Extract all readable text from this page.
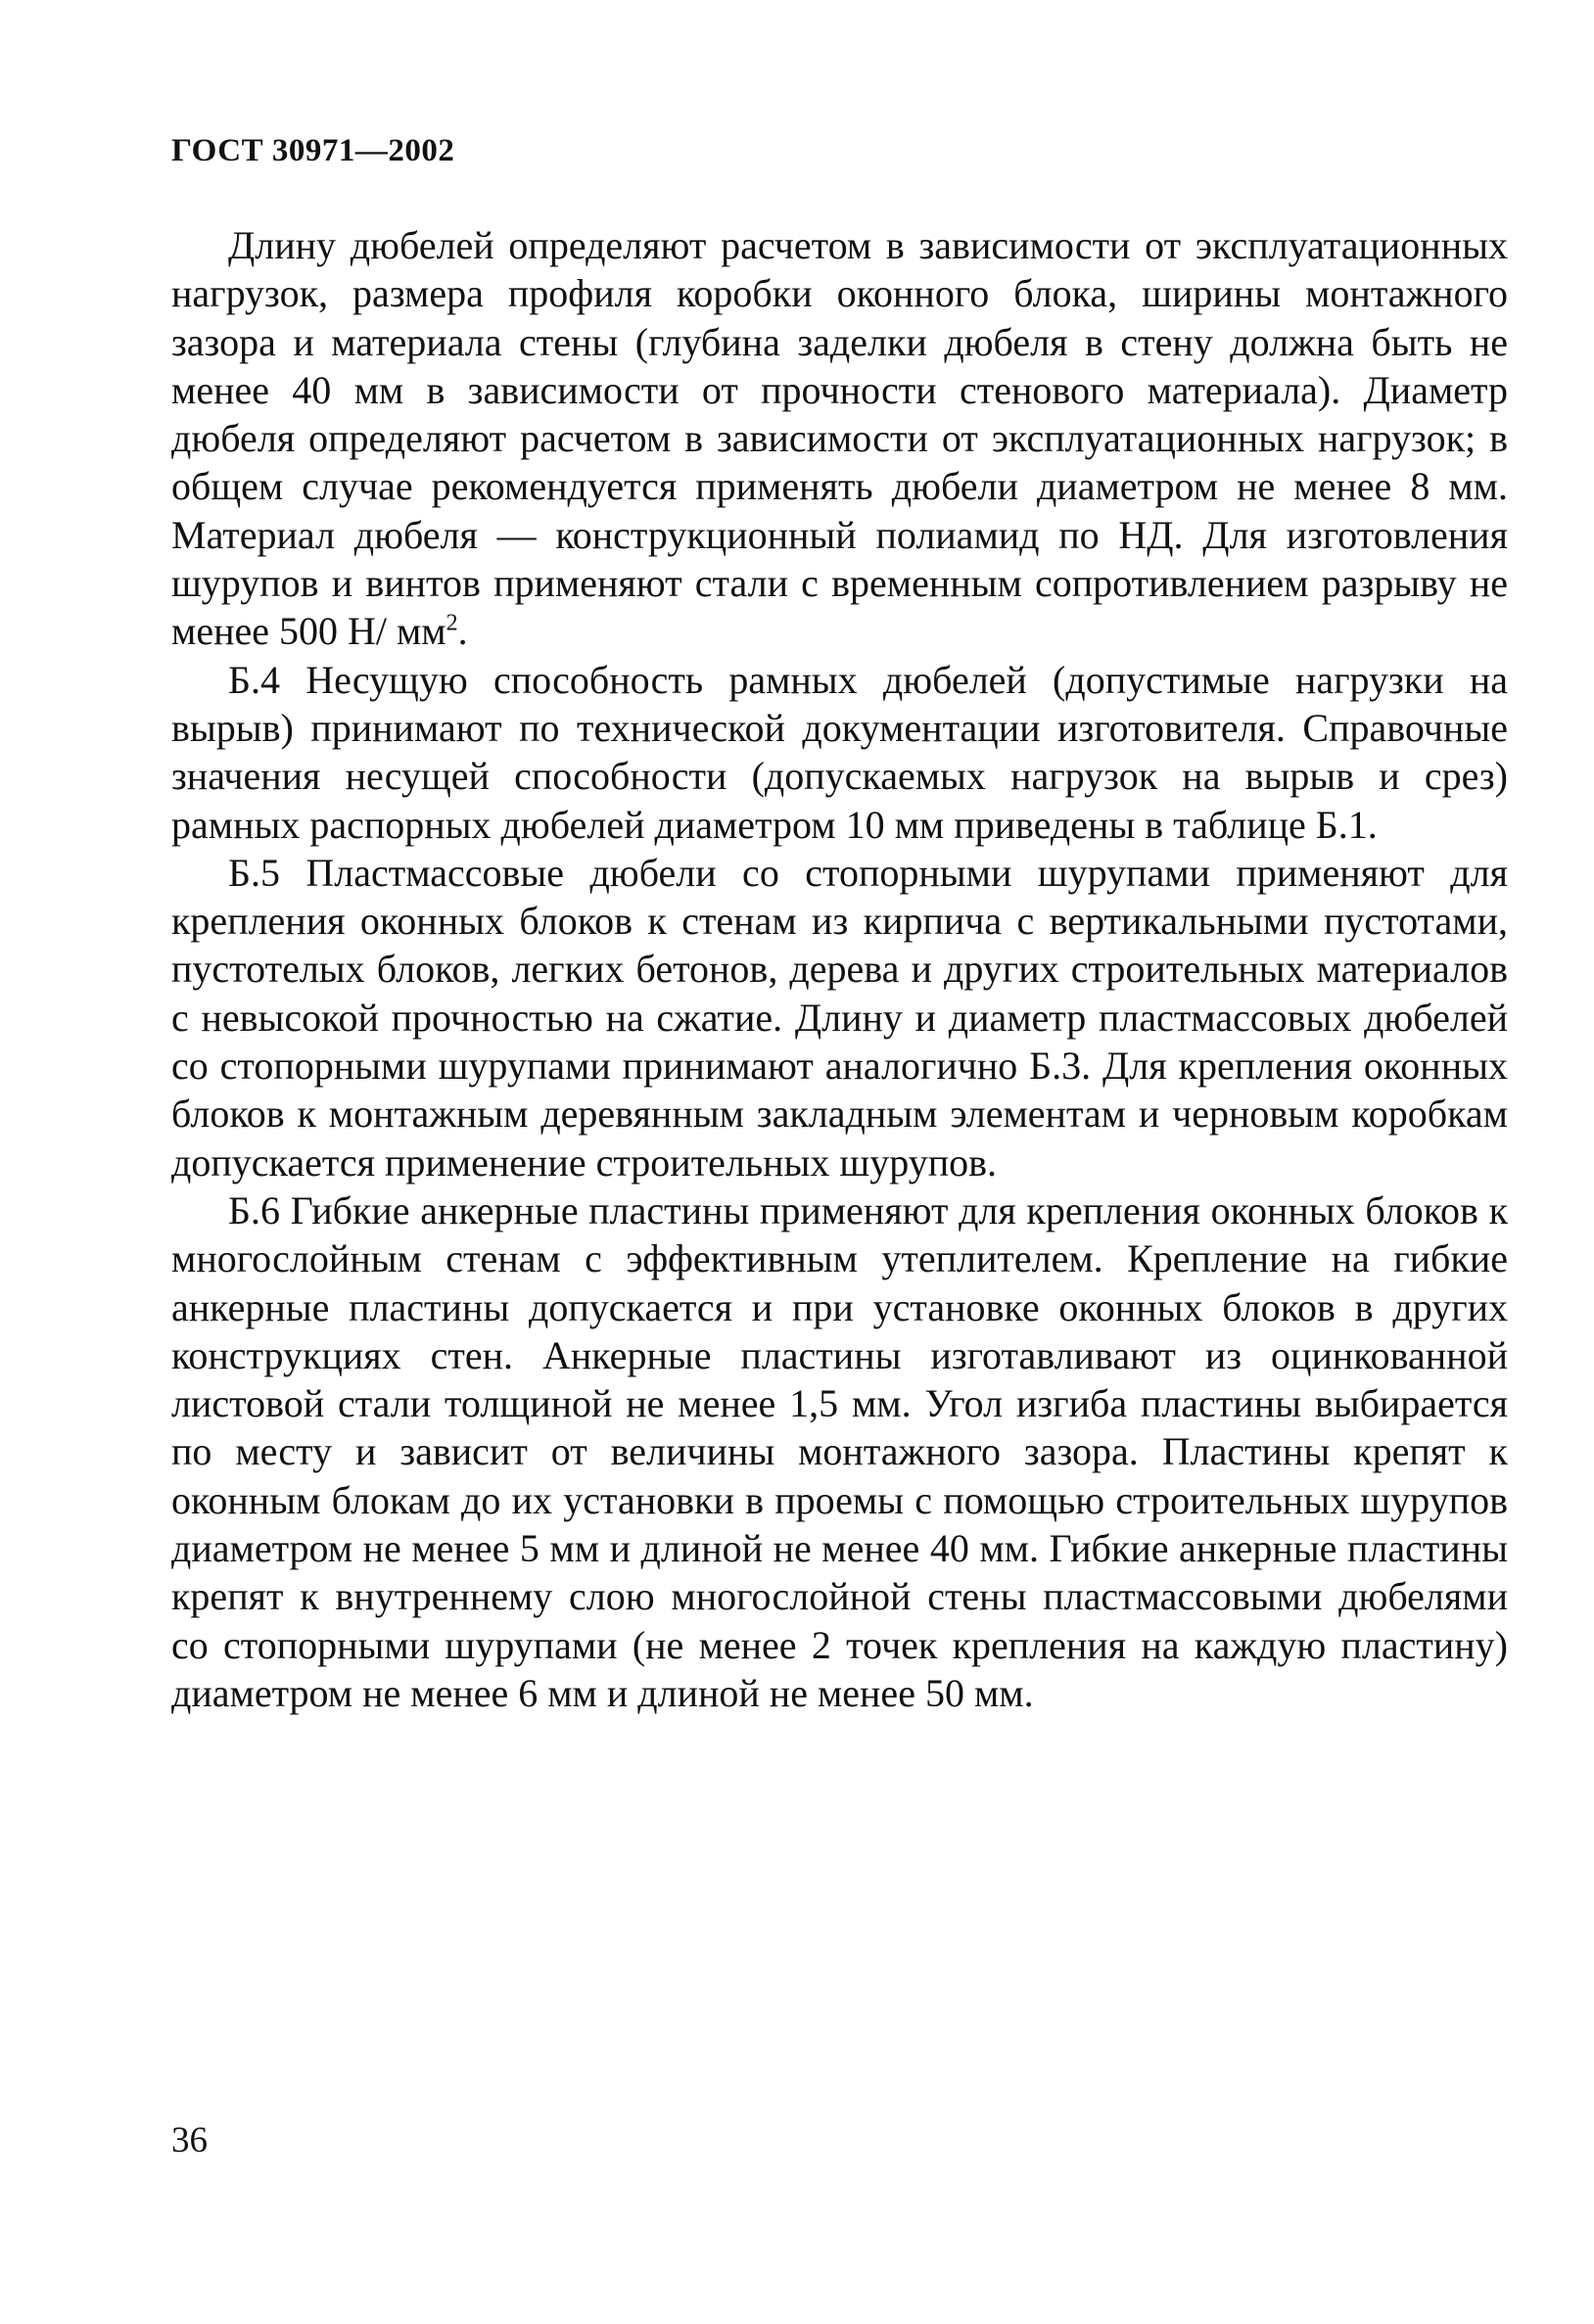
ГОСТ 30971—2002

Длину дюбелей определяют расчетом в зависимости от эксплуатационных нагрузок, размера профиля коробки оконного блока, ширины монтажного зазора и материала стены (глубина заделки дюбеля в стену должна быть не менее 40 мм в зависимости от прочности стенового материала). Диаметр дюбеля определяют расчетом в зависимости от эксплуатационных нагрузок; в общем случае рекомендуется применять дюбели диаметром не менее 8 мм. Материал дюбеля — конструкционный полиамид по НД. Для изготовления шурупов и винтов применяют стали с временным сопротивлением разрыву не менее 500 Н/ $мм^2$.

Б.4 Несущую способность рамных дюбелей (допустимые нагрузки на вырыв) принимают по технической документации изготовителя. Справочные значения несущей способности (допускаемых нагрузок на вырыв и срез) рамных распорных дюбелей диаметром 10 мм приведены в таблице Б.1.

Б.5 Пластмассовые дюбели со стопорными шурупами применяют для крепления оконных блоков к стенам из кирпича с вертикальными пустотами, пустотелых блоков, легких бетонов, дерева и других строительных материалов с невысокой прочностью на сжатие. Длину и диаметр пластмассовых дюбелей со стопорными шурупами принимают аналогично Б.3. Для крепления оконных блоков к монтажным деревянным закладным элементам и черновым коробкам допускается применение строительных шурупов.

Б.6 Гибкие анкерные пластины применяют для крепления оконных блоков к многослойным стенам с эффективным утеплителем. Крепление на гибкие анкерные пластины допускается и при установке оконных блоков в других конструкциях стен. Анкерные пластины изготавливают из оцинкованной листовой стали толщиной не менее 1,5 мм. Угол изгиба пластины выбирается по месту и зависит от величины монтажного зазора. Пластины крепят к оконным блокам до их установки в проемы с помощью строительных шурупов диаметром не менее 5 мм и длиной не менее 40 мм. Гибкие анкерные пластины крепят к внутреннему слою многослойной стены пластмассовыми дюбелями со стопорными шурупами (не менее 2 точек крепления на каждую пластину) диаметром не менее 6 мм и длиной не менее 50 мм.

36
